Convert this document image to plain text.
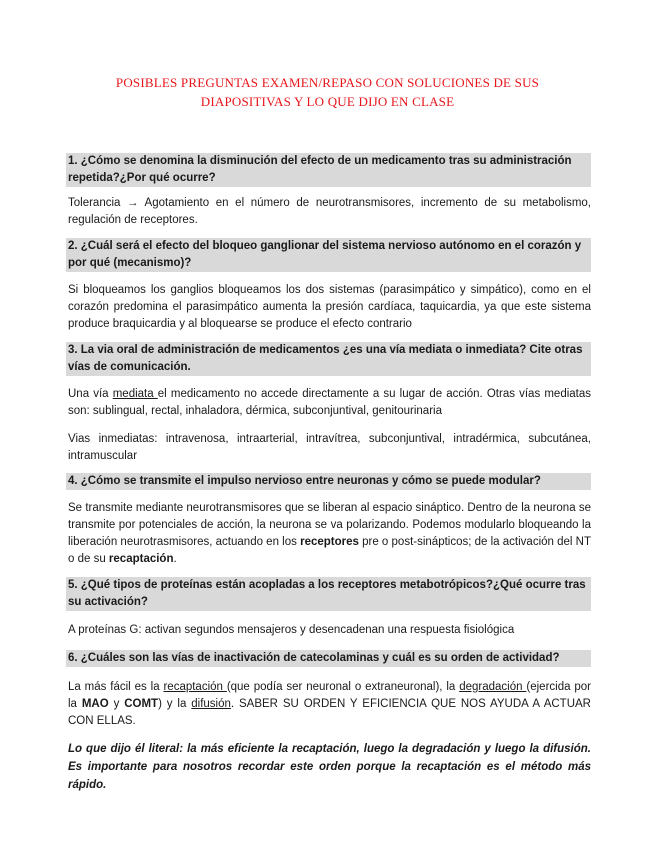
POSIBLES PREGUNTAS EXAMEN/REPASO CON SOLUCIONES DE SUS
DIAPOSITIVAS Y LO QUE DIJO EN CLASE
1. ¿Cómo se denomina la disminución del efecto de un medicamento tras su administración repetida?¿Por qué ocurre?
Tolerancia → Agotamiento en el número de neurotransmisores, incremento de su metabolismo, regulación de receptores.
2. ¿Cuál será el efecto del bloqueo ganglionar del sistema nervioso autónomo en el corazón y por qué (mecanismo)?
Si bloqueamos los ganglios bloqueamos los dos sistemas (parasimpático y simpático), como en el corazón predomina el parasimpático aumenta la presión cardíaca, taquicardia, ya que este sistema produce braquicardia y al bloquearse se produce el efecto contrario
3. La via oral de administración de medicamentos ¿es una vía mediata o inmediata? Cite otras vías de comunicación.
Una vía mediata el medicamento no accede directamente a su lugar de acción. Otras vías mediatas son: sublingual, rectal, inhaladora, dérmica, subconjuntival, genitourinaria
Vias inmediatas: intravenosa, intraarterial, intravítrea, subconjuntival, intradérmica, subcutánea, intramuscular
4. ¿Cómo se transmite el impulso nervioso entre neuronas y cómo se puede modular?
Se transmite mediante neurotransmisores que se liberan al espacio sináptico. Dentro de la neurona se transmite por potenciales de acción, la neurona se va polarizando. Podemos modularlo bloqueando la liberación neurotrasmisores, actuando en los receptores pre o post-sinápticos; de la activación del NT o de su recaptación.
5. ¿Qué tipos de proteínas están acopladas a los receptores metabotrópicos?¿Qué ocurre tras su activación?
A proteínas G: activan segundos mensajeros y desencadenan una respuesta fisiológica
6. ¿Cuáles son las vías de inactivación de catecolaminas y cuál es su orden de actividad?
La más fácil es la recaptación (que podía ser neuronal o extraneuronal), la degradación (ejercida por la MAO y COMT) y la difusión. SABER SU ORDEN Y EFICIENCIA QUE NOS AYUDA A ACTUAR CON ELLAS.
Lo que dijo él literal: la más eficiente la recaptación, luego la degradación y luego la difusión. Es importante para nosotros recordar este orden porque la recaptación es el método más rápido.
